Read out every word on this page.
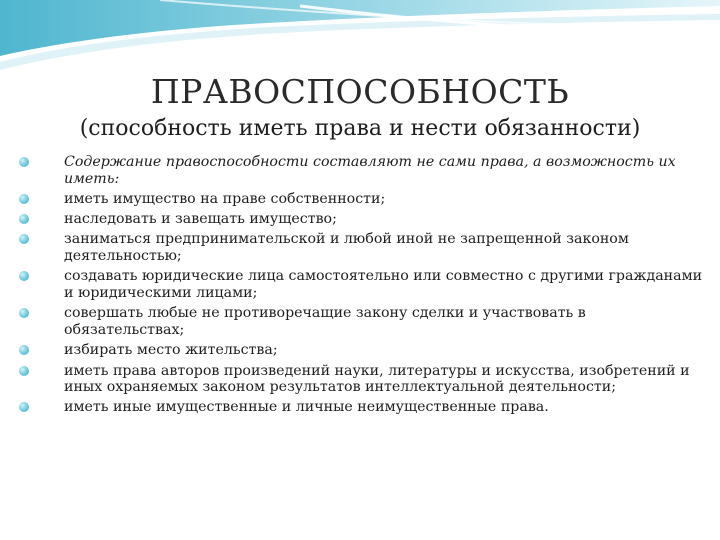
ПРАВОСПОСОБНОСТЬ
(способность иметь права и нести обязанности)
Содержание правоспособности составляют не сами права, а возможность их иметь:
иметь имущество на праве собственности;
наследовать и завещать имущество;
заниматься предпринимательской и любой иной не запрещенной законом деятельностью;
создавать юридические лица самостоятельно или совместно с другими гражданами и юридическими лицами;
совершать любые не противоречащие закону сделки и участвовать в обязательствах;
избирать место жительства;
иметь права авторов произведений науки, литературы и искусства, изобретений и иных охраняемых законом результатов интеллектуальной деятельности;
иметь иные имущественные и личные неимущественные права.
